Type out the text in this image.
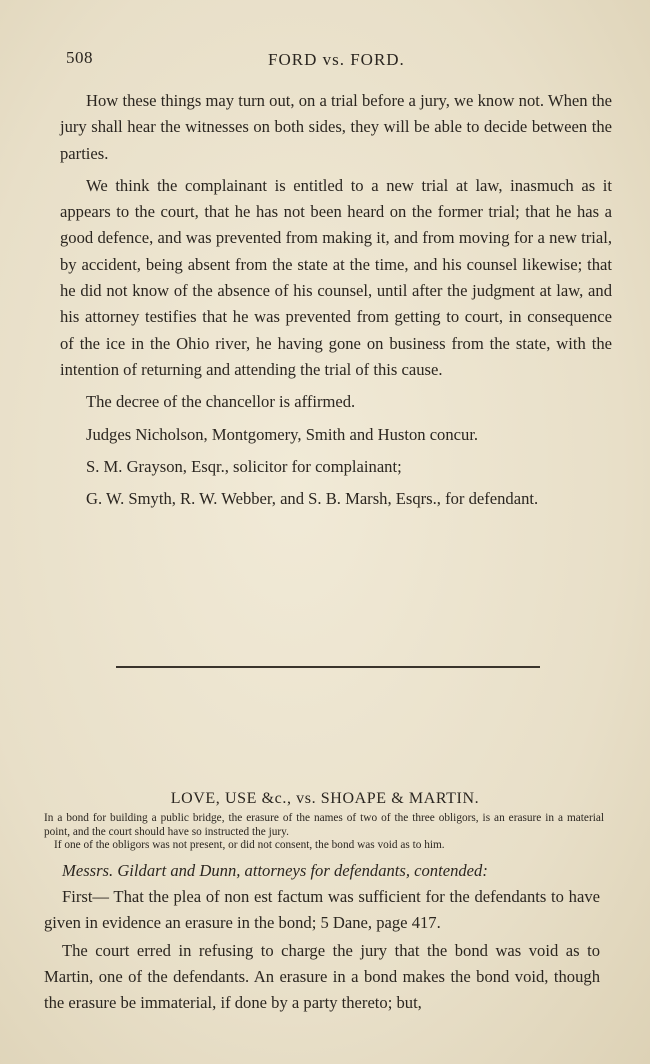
508	FORD vs. FORD.

How these things may turn out, on a trial before a jury, we know not. When the jury shall hear the witnesses on both sides, they will be able to decide between the parties.

We think the complainant is entitled to a new trial at law, inasmuch as it appears to the court, that he has not been heard on the former trial; that he has a good defence, and was prevented from making it, and from moving for a new trial, by accident, being absent from the state at the time, and his counsel likewise; that he did not know of the absence of his counsel, until after the judgment at law, and his attorney testifies that he was prevented from getting to court, in consequence of the ice in the Ohio river, he having gone on business from the state, with the intention of returning and attending the trial of this cause.

The decree of the chancellor is affirmed.

Judges Nicholson, Montgomery, Smith and Huston concur.

S. M. Grayson, Esqr., solicitor for complainant;

G. W. Smyth, R. W. Webber, and S. B. Marsh, Esqrs., for defendant.

LOVE, USE &c., vs. SHOAPE & MARTIN.

In a bond for building a public bridge, the erasure of the names of two of the three obligors, is an erasure in a material point, and the court should have so instructed the jury.

If one of the obligors was not present, or did not consent, the bond was void as to him.

Messrs. Gildart and Dunn, attorneys for defendants, contended:

First— That the plea of non est factum was sufficient for the defendants to have given in evidence an erasure in the bond; 5 Dane, page 417.

The court erred in refusing to charge the jury that the bond was void as to Martin, one of the defendants. An erasure in a bond makes the bond void, though the erasure be immaterial, if done by a party thereto; but,
